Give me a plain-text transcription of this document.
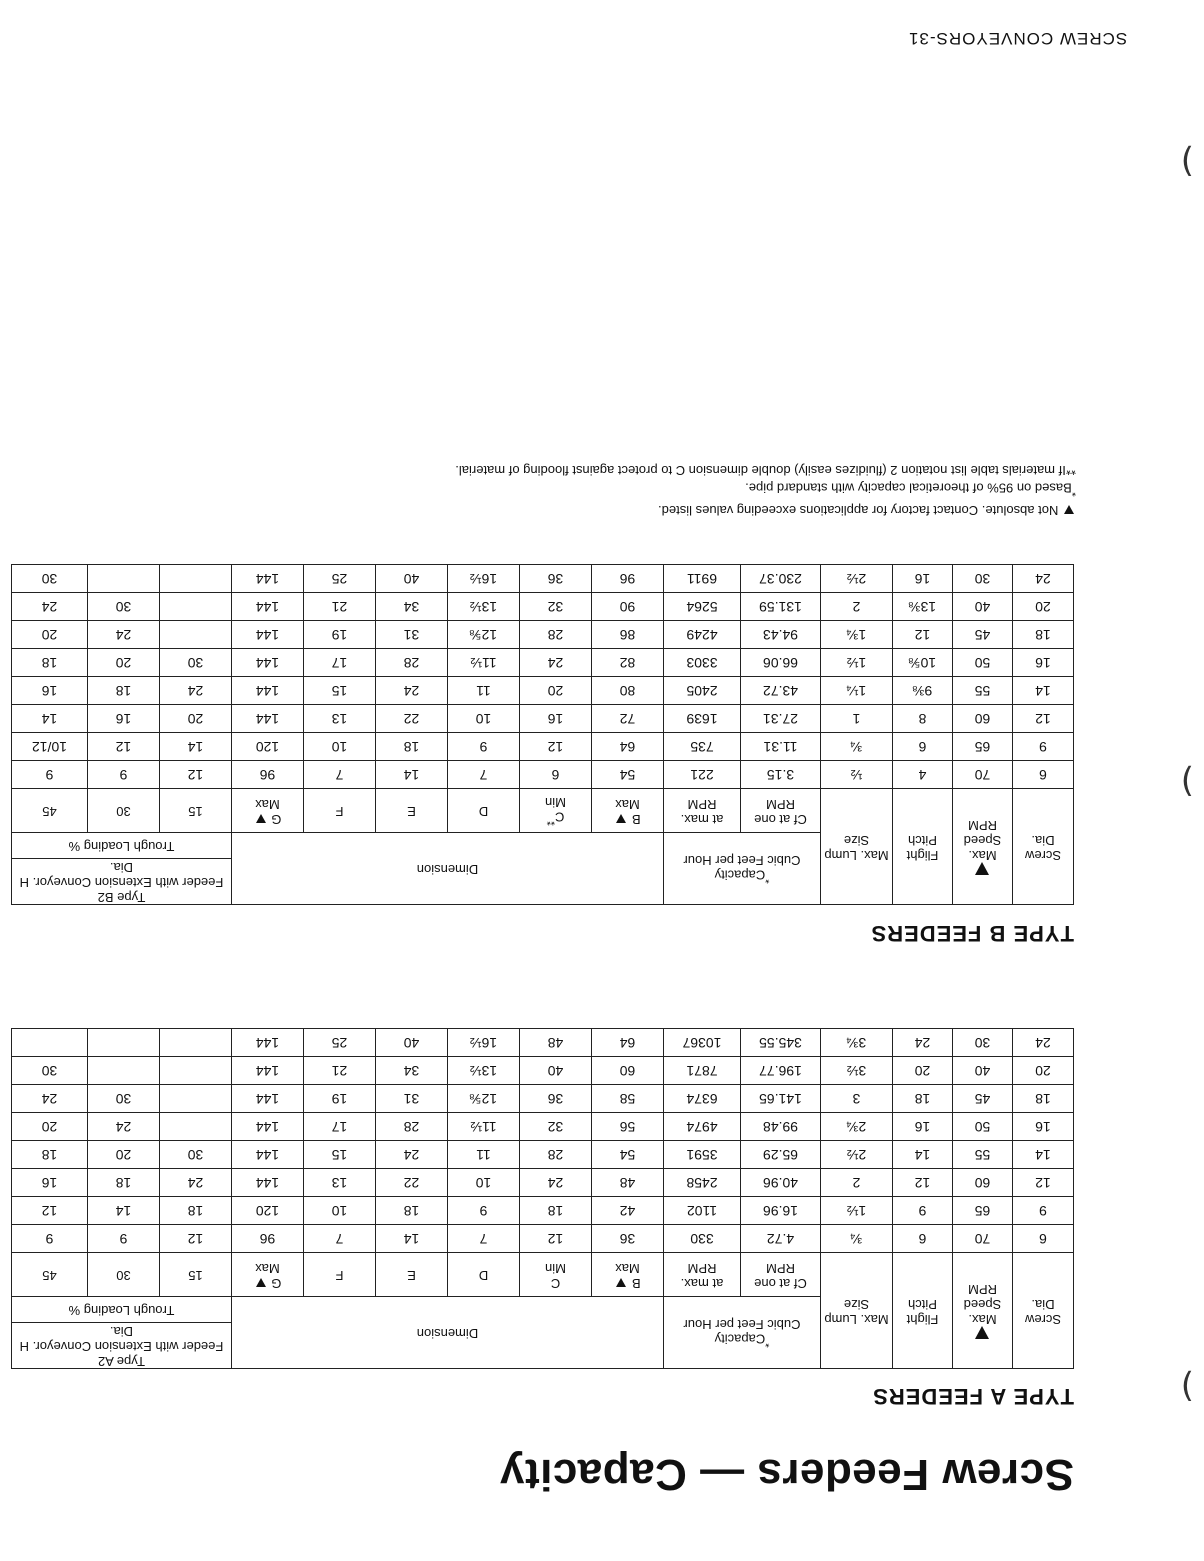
Screw Feeders — Capacity
TYPE A FEEDERS
Screw Dia.	Max. Speed RPM	Flight Pitch	Max. Lump Size	*Capacity
Cubic Feet per Hour		Dimension						Type A2
Feeder with Extension Conveyor. H Dia.		
												Trough Loading %		
				Cf at one RPM	at max. RPM	B
Max	C
Min	D	E	F	G
Max	15	30	45
6	70	6	¾	4.72	330	36	12	7	14	7	96	12	9	9
9	65	9	1½	16.96	1102	42	18	9	18	10	120	18	14	12
12	60	12	2	40.96	2458	48	24	10	22	13	144	24	18	16
14	55	14	2½	65.29	3591	54	28	11	24	15	144	30	20	18
16	50	16	2¾	99.48	4974	56	32	11½	28	17	144		24	20
18	45	18	3	141.65	6374	58	36	12⅝	31	19	144		30	24
20	40	20	3½	196.77	7871	60	40	13½	34	21	144			30
24	30	24	3¾	345.55	10367	64	48	16½	40	25	144			
TYPE B FEEDERS
Screw Dia.	Max. Speed RPM	Flight Pitch	Max. Lump Size	*Capacity
Cubic Feet per Hour		Dimension						Type B2
Feeder with Extension Conveyor. H Dia.		
												Trough Loading %		
				Cf at one RPM	at max. RPM	B
Max	C**
Min	D	E	F	G
Max	15	30	45
6	70	4	½	3.15	221	54	6	7	14	7	96	12	9	9
9	65	6	¾	11.31	735	64	12	9	18	10	120	14	12	10/12
12	60	8	1	27.31	1639	72	16	10	22	13	144	20	16	14
14	55	9⅜	1¼	43.72	2405	80	20	11	24	15	144	24	18	16
16	50	10⅝	1½	66.06	3303	82	24	11½	28	17	144	30	20	18
18	45	12	1¾	94.43	4249	86	28	12⅝	31	19	144		24	20
20	40	13⅜	2	131.59	5264	90	32	13½	34	21	144		30	24
24	30	16	2½	230.37	6911	96	36	16½	40	25	144			30
Not absolute. Contact factory for applications exceeding values listed.
*Based on 95% of theoretical capacity with standard pipe.
**If materials table list notation 2 (fluidizes easily) double dimension C to protect against flooding of material.
)
)
)
SCREW CONVEYORS-31
